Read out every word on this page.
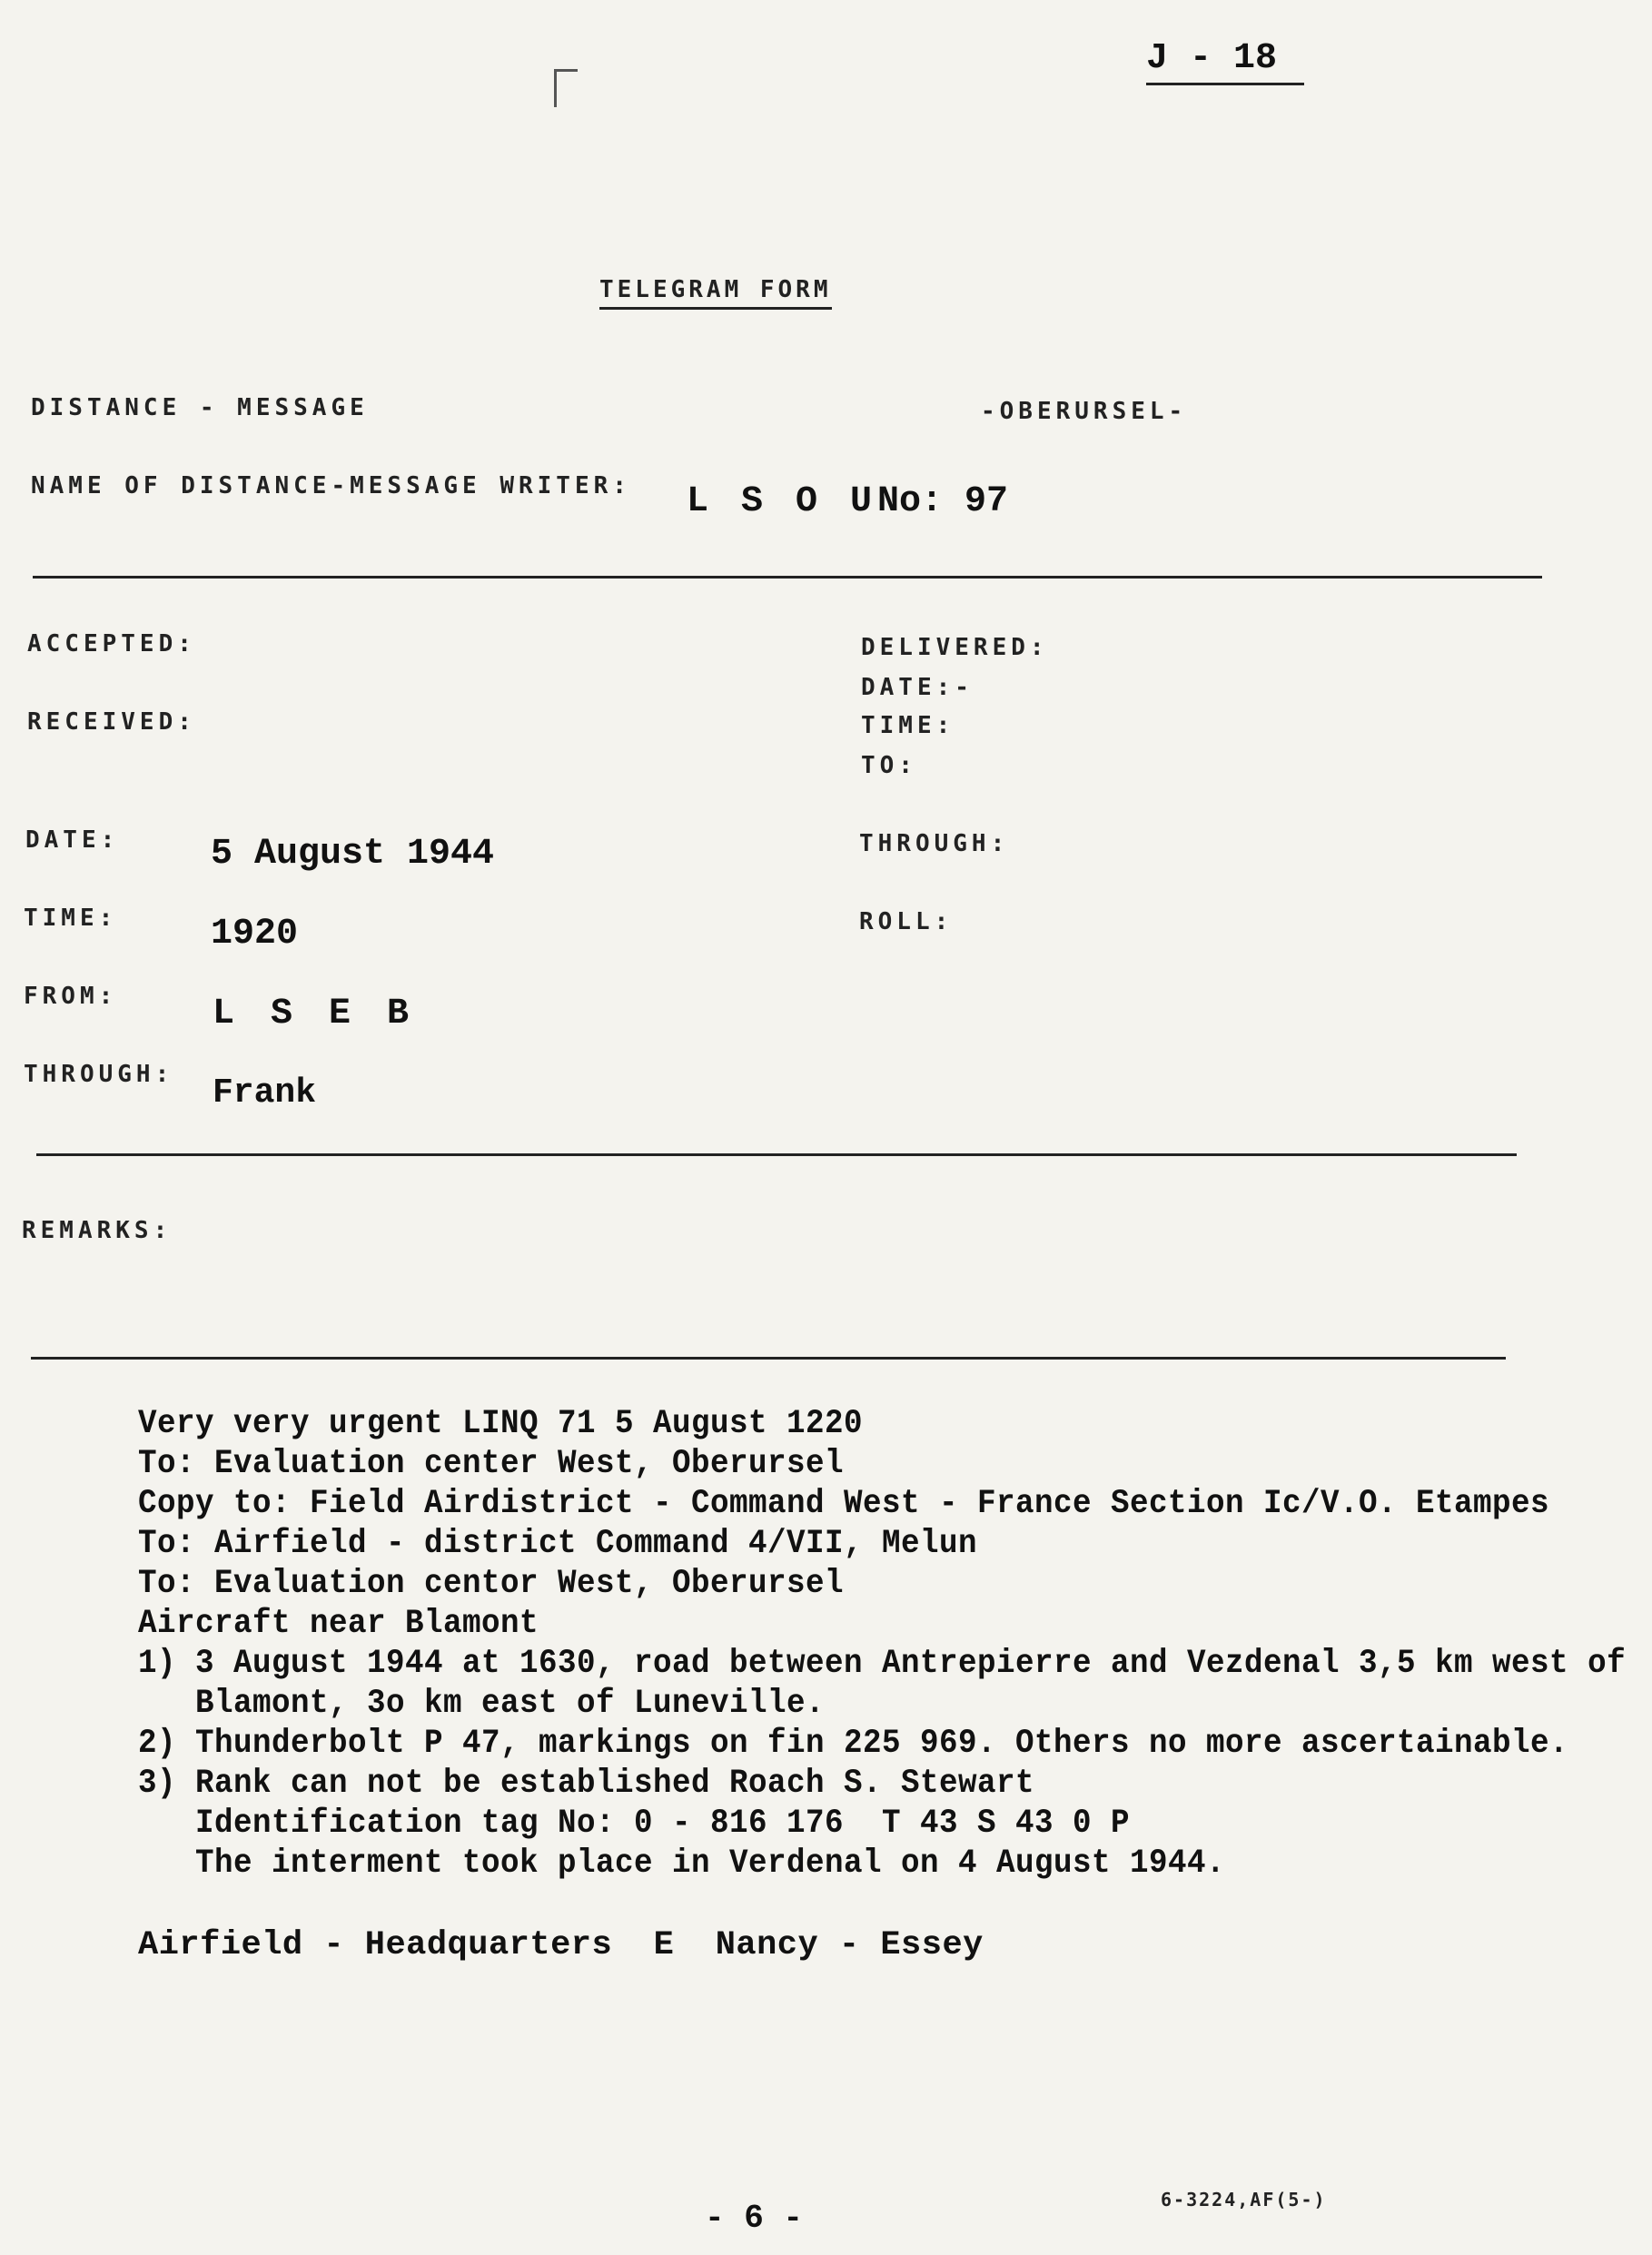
J - 18
TELEGRAM FORM
DISTANCE - MESSAGE	-OBERURSEL-
NAME OF DISTANCE-MESSAGE WRITER: L S O U No: 97
ACCEPTED:
RECEIVED:
DELIVERED:
DATE:-
TIME:
TO:
DATE:	5 August 1944	THROUGH:
TIME:	1920	ROLL:
FROM:	L S E B
THROUGH: Frank
REMARKS:
Very very urgent LINQ 71 5 August 1220
To: Evaluation center West, Oberursel
Copy to: Field Airdistrict - Command West - France Section Ic/V.O. Etampes
To: Airfield - district Command 4/VII, Melun
To: Evaluation centor West, Oberursel
Aircraft near Blamont
1) 3 August 1944 at 1630, road between Antrepierre and Vezdenal 3,5 km west of
Blamont, 3o km east of Luneville.
2) Thunderbolt P 47, markings on fin 225 969. Others no more ascertainable.
3) Rank can not be established Roach S. Stewart
Identification tag No: 0 - 816 176  T 43 S 43 0 P
The interment took place in Verdenal on 4 August 1944.
Airfield - Headquarters  E  Nancy - Essey
- 6 -	6-3224,AF(5-)
